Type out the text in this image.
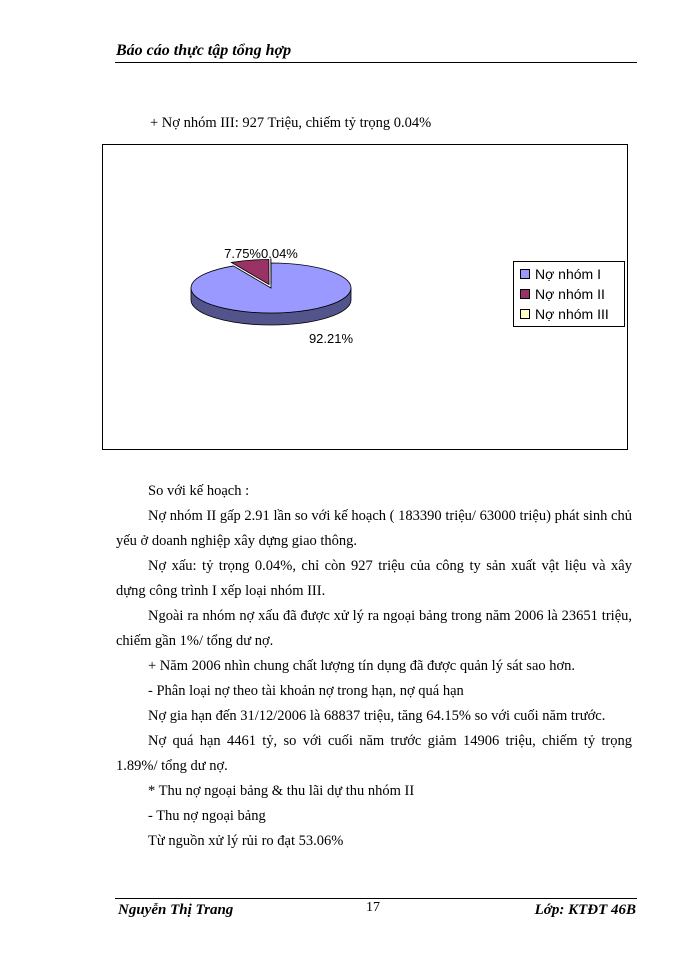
Báo cáo thực tập tổng hợp
+ Nợ nhóm III: 927 Triệu, chiếm tỷ trọng 0.04%
92.21%
7.75% 0.04%
Nợ nhóm I
Nợ nhóm II
Nợ nhóm III
So với kế hoạch :
Nợ nhóm II gấp 2.91 lần so với kế hoạch ( 183390 triệu/ 63000 triệu) phát sinh chủ yếu ở doanh nghiệp xây dựng giao thông.
Nợ xấu: tỷ trọng 0.04%, chỉ còn 927 triệu của công ty sản xuất vật liệu và xây dựng công trình I xếp loại nhóm III.
Ngoài ra nhóm nợ xấu đã được xử lý ra ngoại bảng trong năm 2006 là 23651 triệu, chiếm gần 1%/ tổng dư nợ.
+ Năm 2006 nhìn chung chất lượng tín dụng đã được quản lý sát sao hơn.
- Phân loại nợ theo tài khoản nợ trong hạn, nợ quá hạn
Nợ gia hạn đến 31/12/2006 là 68837 triệu, tăng 64.15% so với cuối năm trước.
Nợ quá hạn 4461 tỷ, so với cuối năm trước giảm 14906 triệu, chiếm tỷ trọng 1.89%/ tổng dư nợ.
* Thu nợ ngoại bảng & thu lãi dự thu nhóm II
- Thu nợ ngoại bảng
Từ nguồn xử lý rủi ro đạt 53.06%
Nguyễn Thị Trang	17	Lớp: KTĐT 46B
